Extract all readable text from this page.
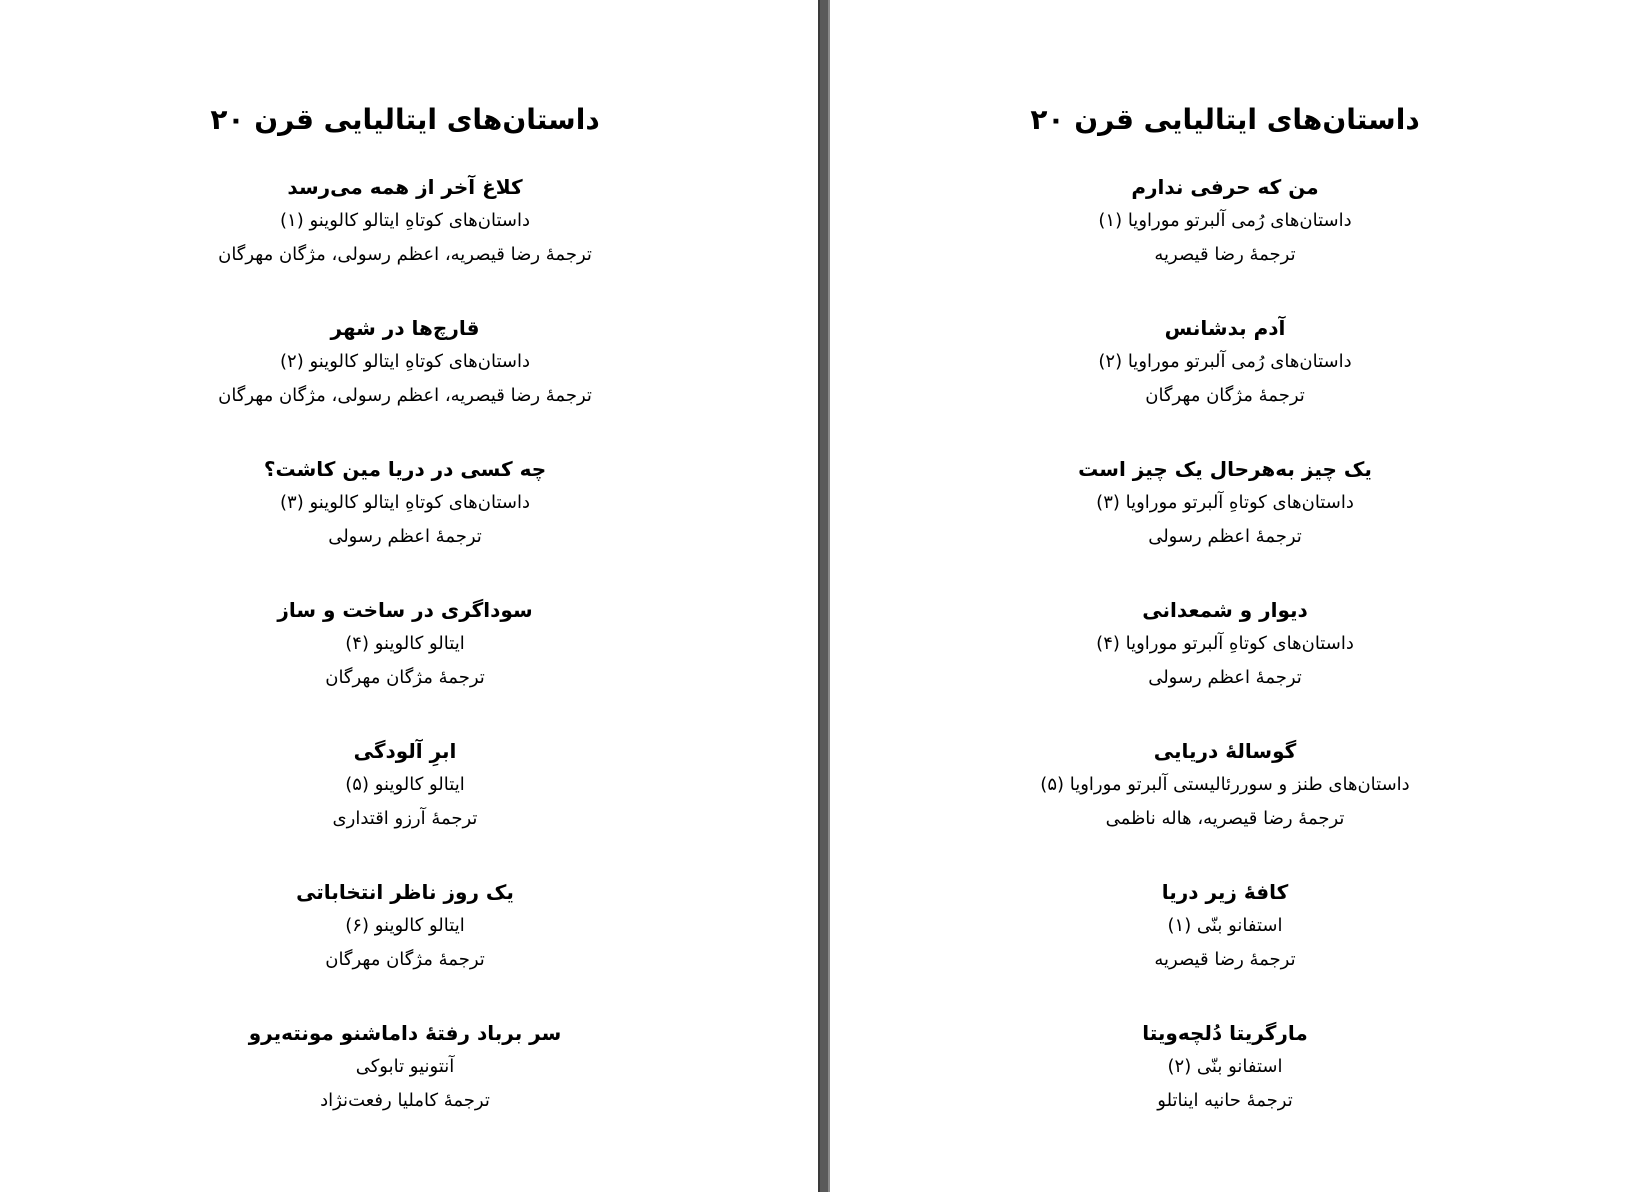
داستان‌های ایتالیایی قرن ۲۰
کلاغ آخر از همه می‌رسد
داستان‌های کوتاهِ ایتالو کالوینو (۱)
ترجمهٔ رضا قیصریه، اعظم رسولی، مژگان مهرگان
قارچ‌ها در شهر
داستان‌های کوتاهِ ایتالو کالوینو (۲)
ترجمهٔ رضا قیصریه، اعظم رسولی، مژگان مهرگان
چه کسی در دریا مین کاشت؟
داستان‌های کوتاهِ ایتالو کالوینو (۳)
ترجمهٔ اعظم رسولی
سوداگری در ساخت و ساز
ایتالو کالوینو (۴)
ترجمهٔ مژگان مهرگان
ابرِ آلودگی
ایتالو کالوینو (۵)
ترجمهٔ آرزو اقتداری
یک روز ناظر انتخاباتی
ایتالو کالوینو (۶)
ترجمهٔ مژگان مهرگان
سر برباد رفتهٔ داماشنو مونته‌یرو
آنتونیو تابوکی
ترجمهٔ کاملیا رفعت‌نژاد
داستان‌های ایتالیایی قرن ۲۰
من که حرفی ندارم
داستان‌های رُمی آلبرتو موراویا (۱)
ترجمهٔ رضا قیصریه
آدم بدشانس
داستان‌های رُمی آلبرتو موراویا (۲)
ترجمهٔ مژگان مهرگان
یک چیز به‌هرحال یک چیز است
داستان‌های کوتاهِ آلبرتو موراویا (۳)
ترجمهٔ اعظم رسولی
دیوار و شمعدانی
داستان‌های کوتاهِ آلبرتو موراویا (۴)
ترجمهٔ اعظم رسولی
گوسالهٔ دریایی
داستان‌های طنز و سوررئالیستی آلبرتو موراویا (۵)
ترجمهٔ رضا قیصریه، هاله ناظمی
کافهٔ زیر دریا
استفانو بنّی (۱)
ترجمهٔ رضا قیصریه
مارگریتا دُلچه‌ویتا
استفانو بنّی (۲)
ترجمهٔ حانیه ایناتلو
